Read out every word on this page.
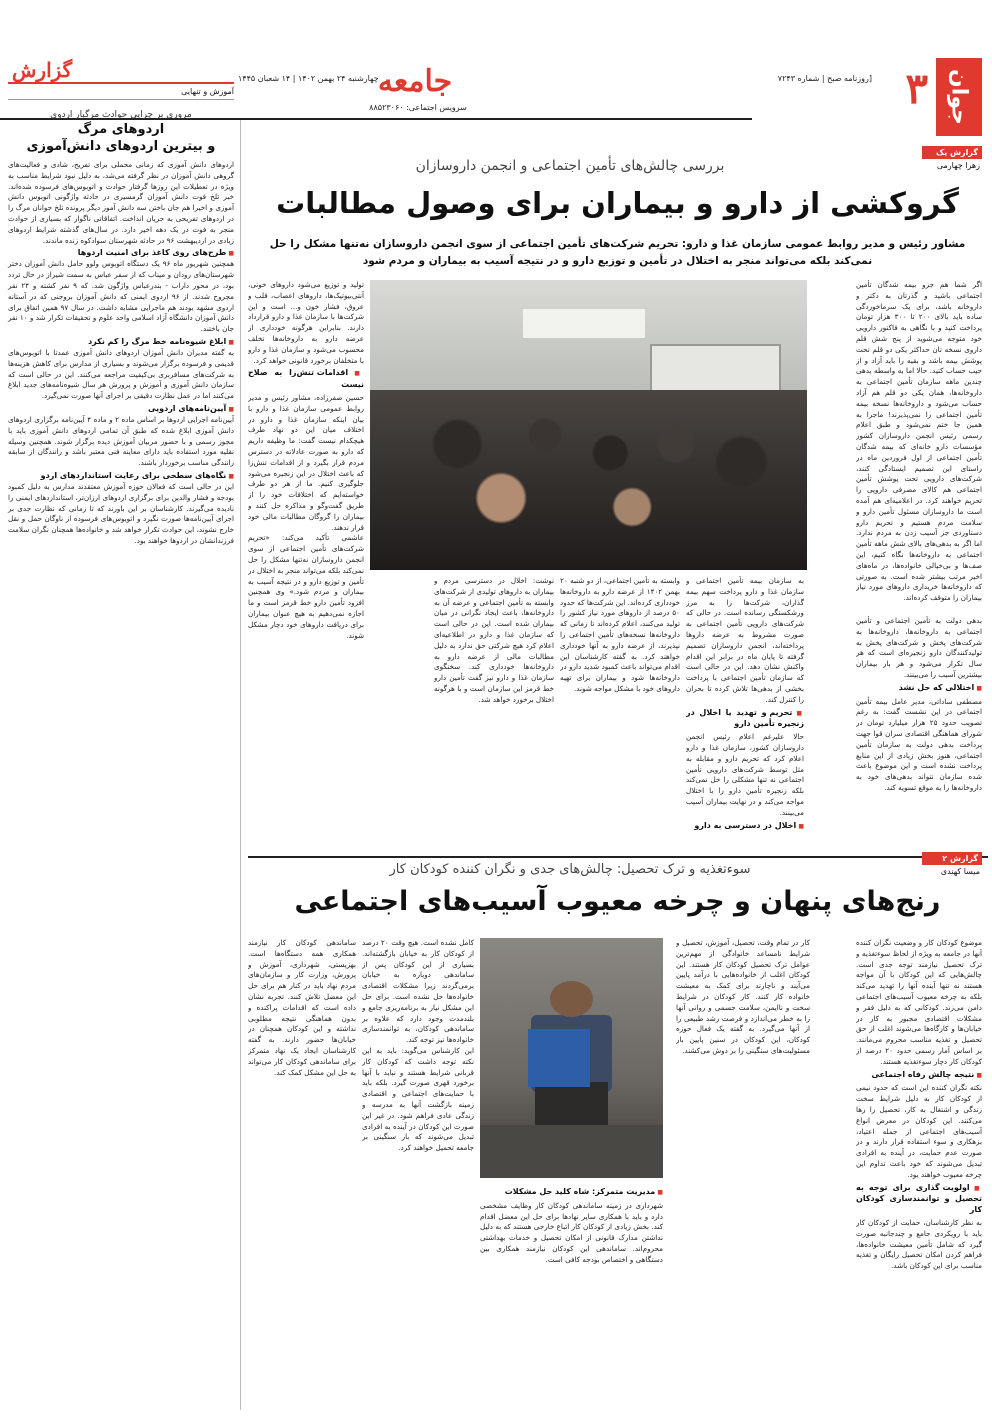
جوان
۳
[روزنامه صبح | شماره ۷۲۴۳
جامعه
سرویس اجتماعی: ۸۸۵۲۳۰۶۰
چهارشنبه ۲۴ بهمن ۱۴۰۲ | ۱۴ شعبان ۱۴۴۵
گزارش
آموزش و تنهایی
مروری بر چرایی حوادث مرگبار اردوی
اردوهای مرگ
و بیترین اردوهای دانش‌آموزی
اردوهای دانش آموزی که زمانی محملی برای تفریح، شادی و فعالیت‌های گروهی دانش آموزان در نظر گرفته می‌شد، به دلیل نبود شرایط مناسب به ویژه در تعطیلات این روزها گرفتار حوادث و اتوبوس‌های فرسوده شده‌اند. خبر تلخ فوت دانش آموزان گرمسیری در حادثه واژگونی اتوبوس دانش آموزی و اخیرا هم جان باختن سه دانش آموز دیگر پرونده تلخ جوانان مرگ را در اردوهای تفریحی به جریان انداخت. اتفاقاتی ناگوار که بسیاری از حوادث منجر به فوت در یک دهه اخیر دارد. در سال‌های گذشته شرایط اردوهای زیادی در اردیبهشت ۹۶ در حادثه شهرستان سوادکوه زنده ماندند.
■ طرح‌های روی کاغذ برای امنیت اردوها
همچنین شهریور ماه ۹۶ یک دستگاه اتوبوس ولوو حامل دانش آموزان دختر شهرستان‌های رودان و میناب که از سفر عباس به سمت شیراز در حال تردد بود، در محور داراب - بندرعباس واژگون شد. که ۹ نفر کشته و ۲۴ نفر مجروح شدند. از ۹۶ اردوی ایمنی که دانش آموزان بروجنی که در آستانه اردوی مشهد بودند هم ماجرایی مشابه داشت. در سال ۹۷ همین اتفاق برای دانش آموزان دانشگاه آزاد اسلامی واحد علوم و تحقیقات تکرار شد و ۱۰ نفر جان باختند.
■ ابلاغ شیوه‌نامه خط مرگ را کم نکرد
به گفته مدیران دانش آموزان اردوهای دانش آموزی عمدتا با اتوبوس‌های قدیمی و فرسوده برگزار می‌شوند و بسیاری از مدارس برای کاهش هزینه‌ها به شرکت‌های مسافربری بی‌کیفیت مراجعه می‌کنند. این در حالی است که سازمان دانش آموزی و آموزش و پرورش هر سال شیوه‌نامه‌های جدید ابلاغ می‌کنند اما در عمل نظارت دقیقی بر اجرای آنها صورت نمی‌گیرد.
■ آیین‌نامه‌های اردویی
آیین‌نامه اجرایی اردوها بر اساس ماده ۲ و ماده ۴ آیین‌نامه برگزاری اردوهای دانش آموزی ابلاغ شده که طبق آن تمامی اردوهای دانش آموزی باید با مجوز رسمی و با حضور مربیان آموزش دیده برگزار شوند. همچنین وسیله نقلیه مورد استفاده باید دارای معاینه فنی معتبر باشد و رانندگان از سابقه رانندگی مناسب برخوردار باشند.
■ نگاه‌های سطحی برای رعایت استانداردهای اردو
این در حالی است که فعالان حوزه آموزش معتقدند مدارس به دلیل کمبود بودجه و فشار والدین برای برگزاری اردوهای ارزان‌تر، استانداردهای ایمنی را نادیده می‌گیرند. کارشناسان بر این باورند که تا زمانی که نظارت جدی بر اجرای آیین‌نامه‌ها صورت نگیرد و اتوبوس‌های فرسوده از ناوگان حمل و نقل خارج نشوند، این حوادث تکرار خواهد شد و خانواده‌ها همچنان نگران سلامت فرزندانشان در اردوها خواهند بود.
گزارش یک
زهرا چهارمی
بررسی چالش‌های تأمین اجتماعی و انجمن داروسازان
گروکشی از دارو و بیماران برای وصول مطالبات
مشاور رئیس و مدیر روابط عمومی سازمان غذا و دارو: تحریم شرکت‌های تأمین اجتماعی از سوی انجمن داروسازان نه‌تنها مشکل را حل نمی‌کند بلکه می‌تواند منجر به اختلال در تأمین و توزیع دارو و در نتیجه آسیب به بیماران و مردم شود
اگر شما هم جزو بیمه شدگان تأمین اجتماعی باشید و گذرتان به دکتر و داروخانه باشد، برای یک سرماخوردگی ساده باید بالای ۲۰۰ تا ۳۰۰ هزار تومان پرداخت کنید و با نگاهی به فاکتور دارویی خود متوجه می‌شوید از پنج شش قلم داروی نسخه تان حداکثر یکی دو قلم تحت پوشش بیمه باشد و بقیه را باید آزاد و از جیب حساب کنید. حالا اما به واسطه بدهی چندین ماهه سازمان تأمین اجتماعی به داروخانه‌ها، همان یکی دو قلم هم آزاد حساب می‌شود و داروخانه‌ها نسخه بیمه تأمین اجتماعی را نمی‌پذیرند! ماجرا به همین جا ختم نمی‌شود و طبق اعلام رسمی رئیس انجمن داروسازان کشور مؤسسات دارو خانه‌ای که بیمه شدگان تأمین اجتماعی از اول فروردین ماه در راستای این تصمیم ایستادگی کنند، شرکت‌های دارویی تحت پوشش تأمین اجتماعی هم کالای مصرفی دارویی را تحریم خواهند کرد. در اعلامیه‌ای هم آمده است ما داروسازان مسئول تأمین دارو و سلامت مردم هستیم و تحریم دارو دستاوردی جز آسیب زدن به مردم ندارد. اما اگر به بدهی‌های بالای شش ماهه تأمین اجتماعی به داروخانه‌ها نگاه کنیم، این صف‌ها و بی‌خیالی خانواده‌ها، در ماه‌های اخیر مرتب بیشتر شده است. به صورتی که داروخانه‌ها خریداری داروهای مورد نیاز بیماران را متوقف کرده‌اند.
بدهی دولت به تأمین اجتماعی و تأمین اجتماعی به داروخانه‌ها، داروخانه‌ها به شرکت‌های پخش و شرکت‌های پخش به تولیدکنندگان دارو زنجیره‌ای است که هر سال تکرار می‌شود و هر بار بیماران بیشترین آسیب را می‌بینند.
■ اختلالی که حل نشد
مصطفی ساداتی، مدیر عامل بیمه تأمین اجتماعی در این نشست گفت: به رغم تصویب حدود ۲۵ هزار میلیارد تومان در شورای هماهنگی اقتصادی سران قوا جهت پرداخت بدهی دولت به سازمان تأمین اجتماعی، هنوز بخش زیادی از این منابع پرداخت نشده است و این موضوع باعث شده سازمان نتواند بدهی‌های خود به داروخانه‌ها را به موقع تسویه کند.
به سازمان بیمه تأمین اجتماعی و سازمان غذا و دارو پرداخت سهم بیمه گذاران، شرکت‌ها را به مرز ورشکستگی رسانده است. در حالی که شرکت‌های دارویی تأمین اجتماعی به صورت مشروط به عرضه داروها پرداخته‌اند، انجمن داروسازان تصمیم گرفته تا پایان ماه در برابر این اقدام واکنش نشان دهد. این در حالی است که سازمان تأمین اجتماعی با پرداخت بخشی از بدهی‌ها تلاش کرده تا بحران را کنترل کند.
■ تحریم و تهدید یا اخلال در زنجیره تأمین دارو
حالا علیرغم اعلام رئیس انجمن داروسازان کشور، سازمان غذا و دارو اعلام کرد که تحریم دارو و مقابله به مثل توسط شرکت‌های دارویی تأمین اجتماعی نه تنها مشکلی را حل نمی‌کند بلکه زنجیره تأمین دارو را با اختلال مواجه می‌کند و در نهایت بیماران آسیب می‌بینند.
■ اخلال در دسترسی به دارو
وابسته به تأمین اجتماعی، از دو شنبه ۲۰ بهمن ۱۴۰۲ از عرضه دارو به داروخانه‌ها خودداری کرده‌اند. این شرکت‌ها که حدود ۵۰ درصد از داروهای مورد نیاز کشور را تولید می‌کنند، اعلام کرده‌اند تا زمانی که داروخانه‌ها نسخه‌های تأمین اجتماعی را نپذیرند، از عرضه دارو به آنها خودداری خواهند کرد. به گفته کارشناسان این اقدام می‌تواند باعث کمبود شدید دارو در داروخانه‌ها شود و بیماران برای تهیه داروهای خود با مشکل مواجه شوند.
نوشت: اخلال در دسترسی مردم و بیماران به داروهای تولیدی از شرکت‌های وابسته به تأمین اجتماعی و عرضه آن به داروخانه‌ها، باعث ایجاد نگرانی در میان بیماران شده است. این در حالی است که سازمان غذا و دارو در اطلاعیه‌ای اعلام کرد هیچ شرکتی حق ندارد به دلیل مطالبات مالی از عرضه دارو به داروخانه‌ها خودداری کند. سخنگوی سازمان غذا و دارو نیز گفت تأمین دارو خط قرمز این سازمان است و با هرگونه اختلال برخورد خواهد شد.
تولید و توزیع می‌شود داروهای خونی، آنتی‌بیوتیک‌ها، داروهای اعصاب، قلب و عروق، فشار خون و... است و این شرکت‌ها با سازمان غذا و دارو قرارداد دارند. بنابراین هرگونه خودداری از عرضه دارو به داروخانه‌ها تخلف محسوب می‌شود و سازمان غذا و دارو با متخلفان برخورد قانونی خواهد کرد.
■ اقدامات تنش‌زا به صلاح نیست
حسین صفرزاده، مشاور رئیس و مدیر روابط عمومی سازمان غذا و دارو با بیان اینکه سازمان غذا و دارو در اختلاف میان این دو نهاد طرف هیچکدام نیست گفت: ما وظیفه داریم که دارو به صورت عادلانه در دسترس مردم قرار بگیرد و از اقدامات تنش‌زا که باعث اختلال در این زنجیره می‌شود جلوگیری کنیم. ما از هر دو طرف خواسته‌ایم که اختلافات خود را از طریق گفت‌وگو و مذاکره حل کنند و بیماران را گروگان مطالبات مالی خود قرار ندهند.
عاشمی تأکید می‌کند: «تحریم شرکت‌های تأمین اجتماعی از سوی انجمن داروسازان نه‌تنها مشکل را حل نمی‌کند بلکه می‌تواند منجر به اختلال در تأمین و توزیع دارو و در نتیجه آسیب به بیماران و مردم شود.» وی همچنین افزود تأمین دارو خط قرمز است و ما اجازه نمی‌دهیم به هیچ عنوان بیماران برای دریافت داروهای خود دچار مشکل شوند.
گزارش ۲
میسا کهندی
سوءتغذیه و ترک تحصیل: چالش‌های جدی و نگران کننده کودکان کار
رنج‌های پنهان و چرخه معیوب آسیب‌های اجتماعی
موضوع کودکان کار و وضعیت نگران کننده آنها در جامعه به ویژه از لحاظ سوءتغذیه و ترک تحصیل نیازمند توجه جدی است. چالش‌هایی که این کودکان با آن مواجه هستند نه تنها آینده آنها را تهدید می‌کند بلکه به چرخه معیوب آسیب‌های اجتماعی دامن می‌زند. کودکانی که به دلیل فقر و مشکلات اقتصادی مجبور به کار در خیابان‌ها و کارگاه‌ها می‌شوند اغلب از حق تحصیل و تغذیه مناسب محروم می‌مانند. بر اساس آمار رسمی حدود ۲۰ درصد از کودکان کار دچار سوءتغذیه هستند.
■ نتیجه چالش رفاه اجتماعی
نکته نگران کننده این است که حدود نیمی از کودکان کار به دلیل شرایط سخت زندگی و اشتغال به کار، تحصیل را رها می‌کنند. این کودکان در معرض انواع آسیب‌های اجتماعی از جمله اعتیاد، بزهکاری و سوء استفاده قرار دارند و در صورت عدم حمایت، در آینده به افرادی تبدیل می‌شوند که خود باعث تداوم این چرخه معیوب خواهند بود.
■ اولویت گذاری برای توجه به تحصیل و توانمندسازی کودکان کار
به نظر کارشناسان، حمایت از کودکان کار باید با رویکردی جامع و چندجانبه صورت گیرد که شامل تأمین معیشت خانواده‌ها، فراهم کردن امکان تحصیل رایگان و تغذیه مناسب برای این کودکان باشد.
کار در تمام وقت، تحصیل، آموزش، تحصیل و شرایط نامساعد خانوادگی از مهم‌ترین عوامل ترک تحصیل کودکان کار هستند. این کودکان اغلب از خانواده‌هایی با درآمد پایین می‌آیند و ناچارند برای کمک به معیشت خانواده کار کنند. کار کودکان در شرایط سخت و ناایمن، سلامت جسمی و روانی آنها را به خطر می‌اندازد و فرصت رشد طبیعی را از آنها می‌گیرد. به گفته یک فعال حوزه کودکان، این کودکان در سنین پایین بار مسئولیت‌های سنگینی را بر دوش می‌کشند.
■ مدیریت متمرکز: شاه کلید حل مشکلات
شهرداری در زمینه ساماندهی کودکان کار وظایف مشخصی دارد و باید با همکاری سایر نهادها برای حل این معضل اقدام کند. بخش زیادی از کودکان کار اتباع خارجی هستند که به دلیل نداشتن مدارک قانونی از امکان تحصیل و خدمات بهداشتی محروم‌اند. ساماندهی این کودکان نیازمند همکاری بین دستگاهی و اختصاص بودجه کافی است.
کامل نشده است. هیچ‌ وقت ۲۰ درصد از کودکان کار به خیابان بازگشته‌اند. بسیاری از این کودکان پس از ساماندهی دوباره به خیابان برمی‌گردند زیرا مشکلات اقتصادی خانواده‌ها حل نشده است. برای حل این مشکل نیاز به برنامه‌ریزی جامع و بلندمدت وجود دارد که علاوه بر ساماندهی کودکان، به توانمندسازی خانواده‌ها نیز توجه کند.
این کارشناس می‌گوید: باید به این نکته توجه داشت که کودکان کار قربانی شرایط هستند و نباید با آنها برخورد قهری صورت گیرد. بلکه باید با حمایت‌های اجتماعی و اقتصادی زمینه بازگشت آنها به مدرسه و زندگی عادی فراهم شود. در غیر این صورت این کودکان در آینده به افرادی تبدیل می‌شوند که بار سنگینی بر جامعه تحمیل خواهند کرد.
ساماندهی کودکان کار نیازمند همکاری همه دستگاه‌ها است. بهزیستی، شهرداری، آموزش و پرورش، وزارت کار و سازمان‌های مردم نهاد باید در کنار هم برای حل این معضل تلاش کنند. تجربه نشان داده است که اقدامات پراکنده و بدون هماهنگی نتیجه مطلوبی نداشته و این کودکان همچنان در خیابان‌ها حضور دارند. به گفته کارشناسان ایجاد یک نهاد متمرکز برای ساماندهی کودکان کار می‌تواند به حل این مشکل کمک کند.
